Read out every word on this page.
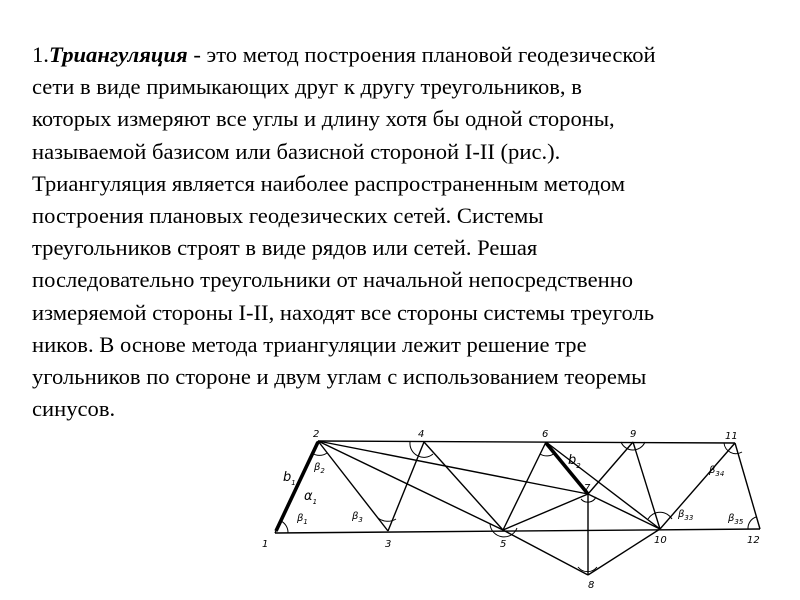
1.Триангуляция - это метод построения плановой геодезической
сети в виде примыкающих друг к другу треугольников, в
которых измеряют все углы и длину хотя бы одной стороны,
называемой базисом или базисной стороной I-II (рис.).
Триангуляция является наиболее распространенным методом
построения плановых геодезических сетей. Системы
треугольников строят в виде рядов или сетей. Решая
последовательно треугольники от начальной непосредственно
измеряемой стороны I-II, находят все стороны системы треуголь
ников. В основе метода триангуляции лежит решение тре
угольников по стороне и двум углам с использованием теоремы
синусов.

1
2
3
4
5
6
7
8
9
10
11
12
$b_1$
$b_2$
$\alpha_1$
$\beta_1$
$\beta_2$
$\beta_3$	$\beta_{33}$
$\beta_{34}$
$\beta_{35}$
